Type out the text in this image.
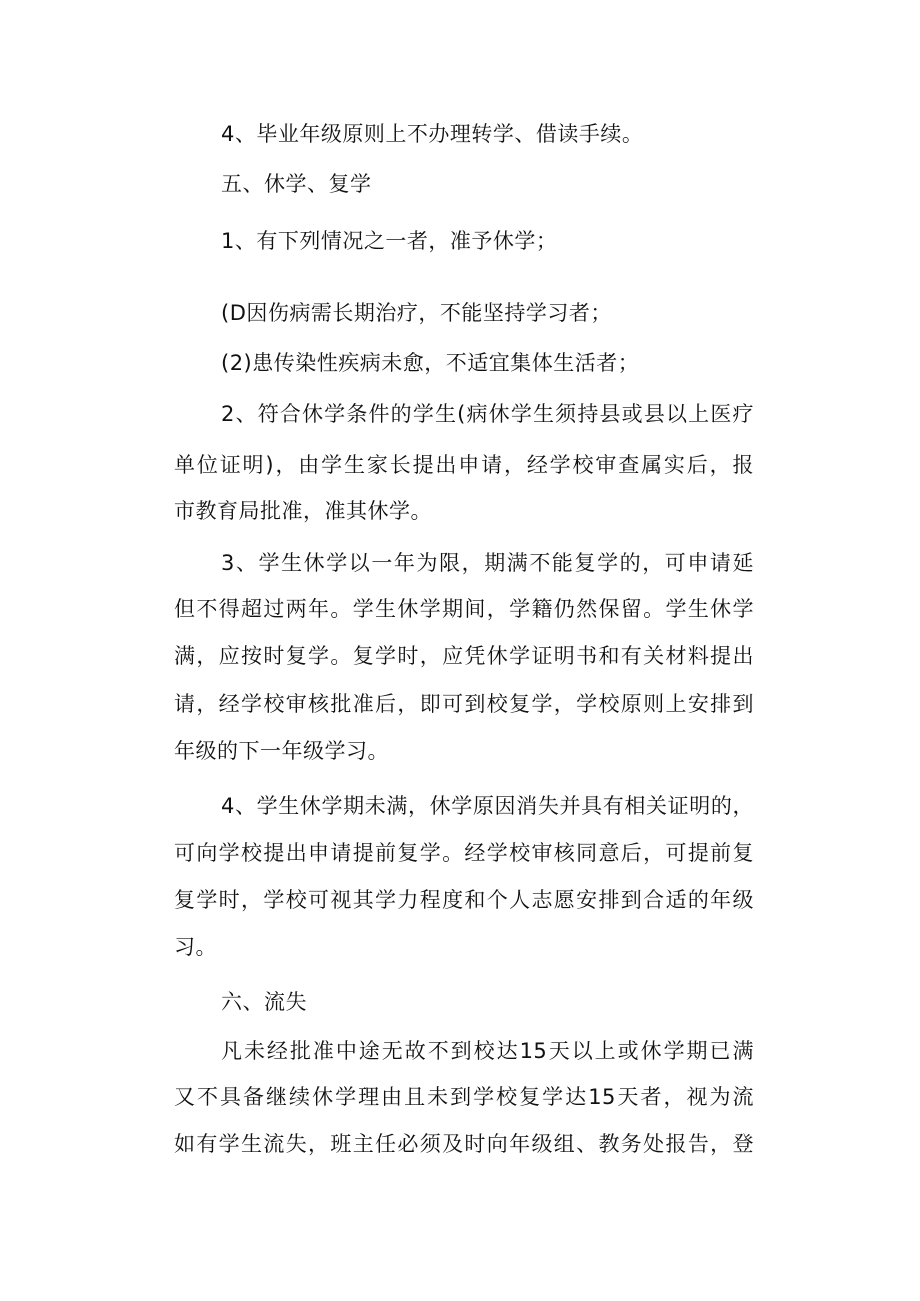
4、毕业年级原则上不办理转学、借读手续。
五、休学、复学
1、有下列情况之一者，准予休学；
(D因伤病需长期治疗，不能坚持学习者；
(2)患传染性疾病未愈，不适宜集体生活者；
2、符合休学条件的学生(病休学生须持县或县以上医疗
单位证明)，由学生家长提出申请，经学校审查属实后，报
市教育局批准，准其休学。
3、学生休学以一年为限，期满不能复学的，可申请延
但不得超过两年。学生休学期间，学籍仍然保留。学生休学
满，应按时复学。复学时，应凭休学证明书和有关材料提出
请，经学校审核批准后，即可到校复学，学校原则上安排到
年级的下一年级学习。
4、学生休学期未满，休学原因消失并具有相关证明的，
可向学校提出申请提前复学。经学校审核同意后，可提前复
复学时，学校可视其学力程度和个人志愿安排到合适的年级
习。
六、流失
凡未经批准中途无故不到校达15天以上或休学期已满
又不具备继续休学理由且未到学校复学达15天者，视为流
如有学生流失，班主任必须及时向年级组、教务处报告，登
